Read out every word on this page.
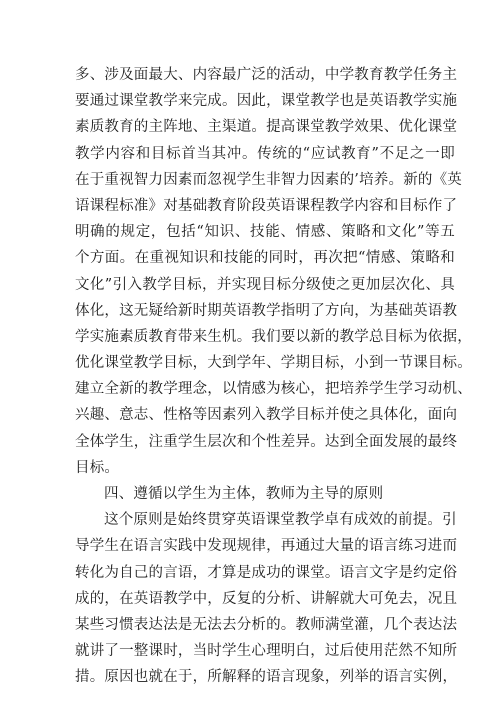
多、涉及面最大、内容最广泛的活动，中学教育教学任务主
要通过课堂教学来完成。因此，课堂教学也是英语教学实施
素质教育的主阵地、主渠道。提高课堂教学效果、优化课堂
教学内容和目标首当其冲。传统的“应试教育”不足之一即
在于重视智力因素而忽视学生非智力因素的’培养。新的《英
语课程标准》对基础教育阶段英语课程教学内容和目标作了
明确的规定，包括“知识、技能、情感、策略和文化”等五
个方面。在重视知识和技能的同时，再次把“情感、策略和
文化”引入教学目标，并实现目标分级使之更加层次化、具
体化，这无疑给新时期英语教学指明了方向，为基础英语教
学实施素质教育带来生机。我们要以新的教学总目标为依据，
优化课堂教学目标，大到学年、学期目标，小到一节课目标。
建立全新的教学理念，以情感为核心，把培养学生学习动机、
兴趣、意志、性格等因素列入教学目标并使之具体化，面向
全体学生，注重学生层次和个性差异。达到全面发展的最终
目标。
四、遵循以学生为主体，教师为主导的原则
这个原则是始终贯穿英语课堂教学卓有成效的前提。引
导学生在语言实践中发现规律，再通过大量的语言练习进而
转化为自己的言语，才算是成功的课堂。语言文字是约定俗
成的，在英语教学中，反复的分析、讲解就大可免去，况且
某些习惯表达法是无法去分析的。教师满堂灌，几个表达法
就讲了一整课时，当时学生心理明白，过后使用茫然不知所
措。原因也就在于，所解释的语言现象，列举的语言实例，
